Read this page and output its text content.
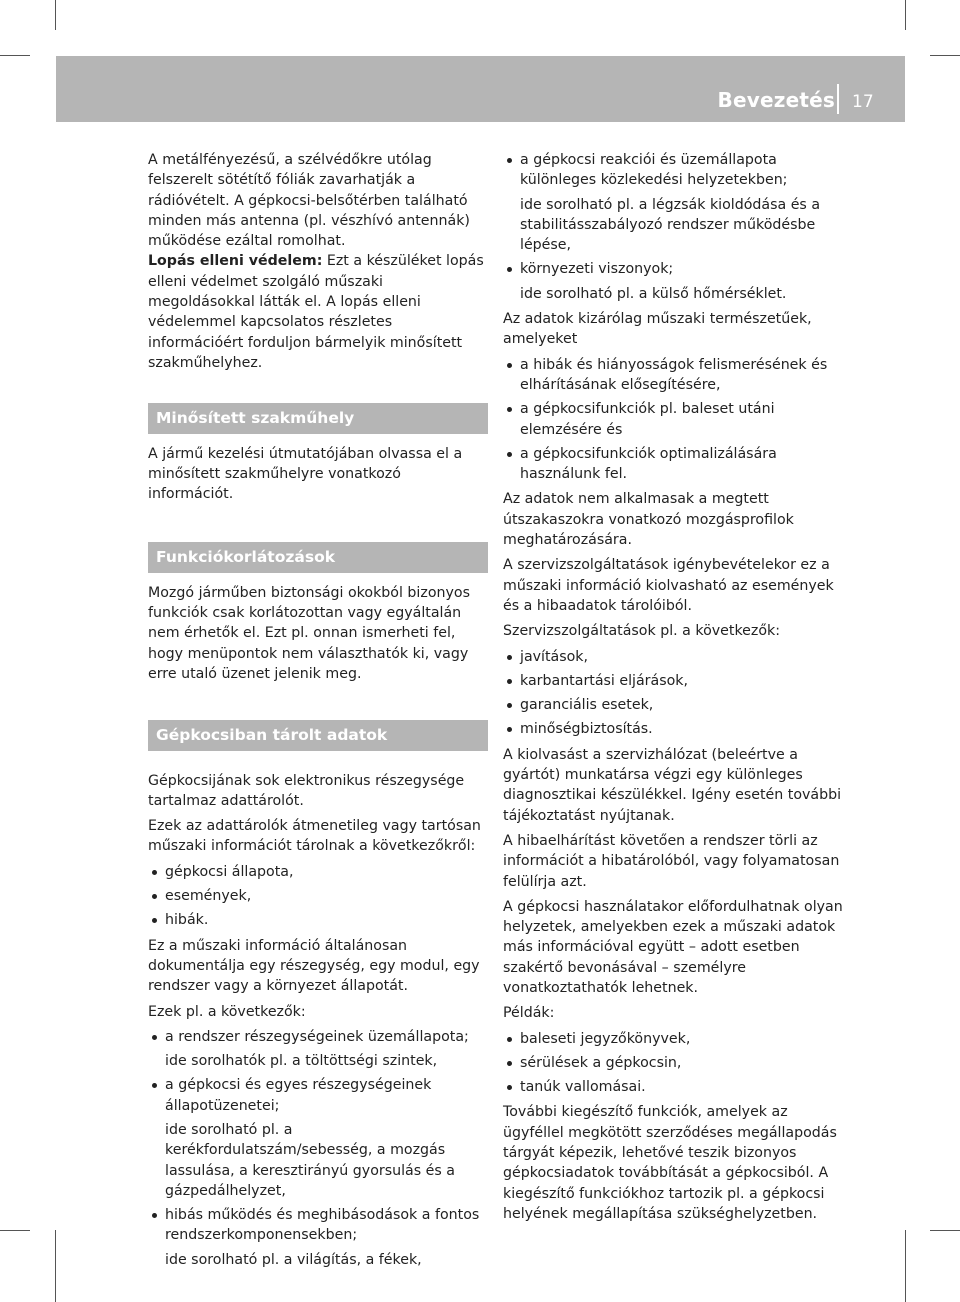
Bevezetés 17

A metálfényezésű, a szélvédőkre utólag felszerelt sötétítő fóliák zavarhatják a rádióvételt. A gépkocsi-belsőtérben található minden más antenna (pl. vészhívó antennák) működése ezáltal romolhat.

Lopás elleni védelem: Ezt a készüléket lopás elleni védelmet szolgáló műszaki megoldásokkal látták el. A lopás elleni védelemmel kapcsolatos részletes információért forduljon bármelyik minősített szakműhelyhez.

Minősített szakműhely

A jármű kezelési útmutatójában olvassa el a minősített szakműhelyre vonatkozó információt.

Funkciókorlátozások

Mozgó járműben biztonsági okokból bizonyos funkciók csak korlátozottan vagy egyáltalán nem érhetők el. Ezt pl. onnan ismerheti fel, hogy menüpontok nem választhatók ki, vagy erre utaló üzenet jelenik meg.

Gépkocsiban tárolt adatok

Gépkocsijának sok elektronikus részegysége tartalmaz adattárolót.

Ezek az adattárolók átmenetileg vagy tartósan műszaki információt tárolnak a következőkről:

gépkocsi állapota,
események,
hibák.

Ez a műszaki információ általánosan dokumentálja egy részegység, egy modul, egy rendszer vagy a környezet állapotát.

Ezek pl. a következők:

a rendszer részegységeinek üzemállapota;
ide sorolhatók pl. a töltöttségi szintek,
a gépkocsi és egyes részegységeinek állapotüzenetei;
ide sorolható pl. a kerékfordulatszám/sebesség, a mozgás lassulása, a keresztirányú gyorsulás és a gázpedálhelyzet,
hibás működés és meghibásodások a fontos rendszerkomponensekben;
ide sorolható pl. a világítás, a fékek,
a gépkocsi reakciói és üzemállapota különleges közlekedési helyzetekben;
ide sorolható pl. a légzsák kioldódása és a stabilitásszabályozó rendszer működésbe lépése,
környezeti viszonyok;
ide sorolható pl. a külső hőmérséklet.

Az adatok kizárólag műszaki természetűek, amelyeket

a hibák és hiányosságok felismerésének és elhárításának elősegítésére,
a gépkocsifunkciók pl. baleset utáni elemzésére és
a gépkocsifunkciók optimalizálására használunk fel.

Az adatok nem alkalmasak a megtett útszakaszokra vonatkozó mozgásprofilok meghatározására.

A szervizszolgáltatások igénybevételekor ez a műszaki információ kiolvasható az események és a hibaadatok tárolóiból.

Szervizszolgáltatások pl. a következők:

javítások,
karbantartási eljárások,
garanciális esetek,
minőségbiztosítás.

A kiolvasást a szervizhálózat (beleértve a gyártót) munkatársa végzi egy különleges diagnosztikai készülékkel. Igény esetén további tájékoztatást nyújtanak.

A hibaelhárítást követően a rendszer törli az információt a hibatárolóból, vagy folyamatosan felülírja azt.

A gépkocsi használatakor előfordulhatnak olyan helyzetek, amelyekben ezek a műszaki adatok más információval együtt – adott esetben szakértő bevonásával – személyre vonatkoztathatók lehetnek.

Példák:

baleseti jegyzőkönyvek,
sérülések a gépkocsin,
tanúk vallomásai.

További kiegészítő funkciók, amelyek az ügyféllel megkötött szerződéses megállapodás tárgyát képezik, lehetővé teszik bizonyos gépkocsiadatok továbbítását a gépkocsiból. A kiegészítő funkciókhoz tartozik pl. a gépkocsi helyének megállapítása szükséghelyzetben.
